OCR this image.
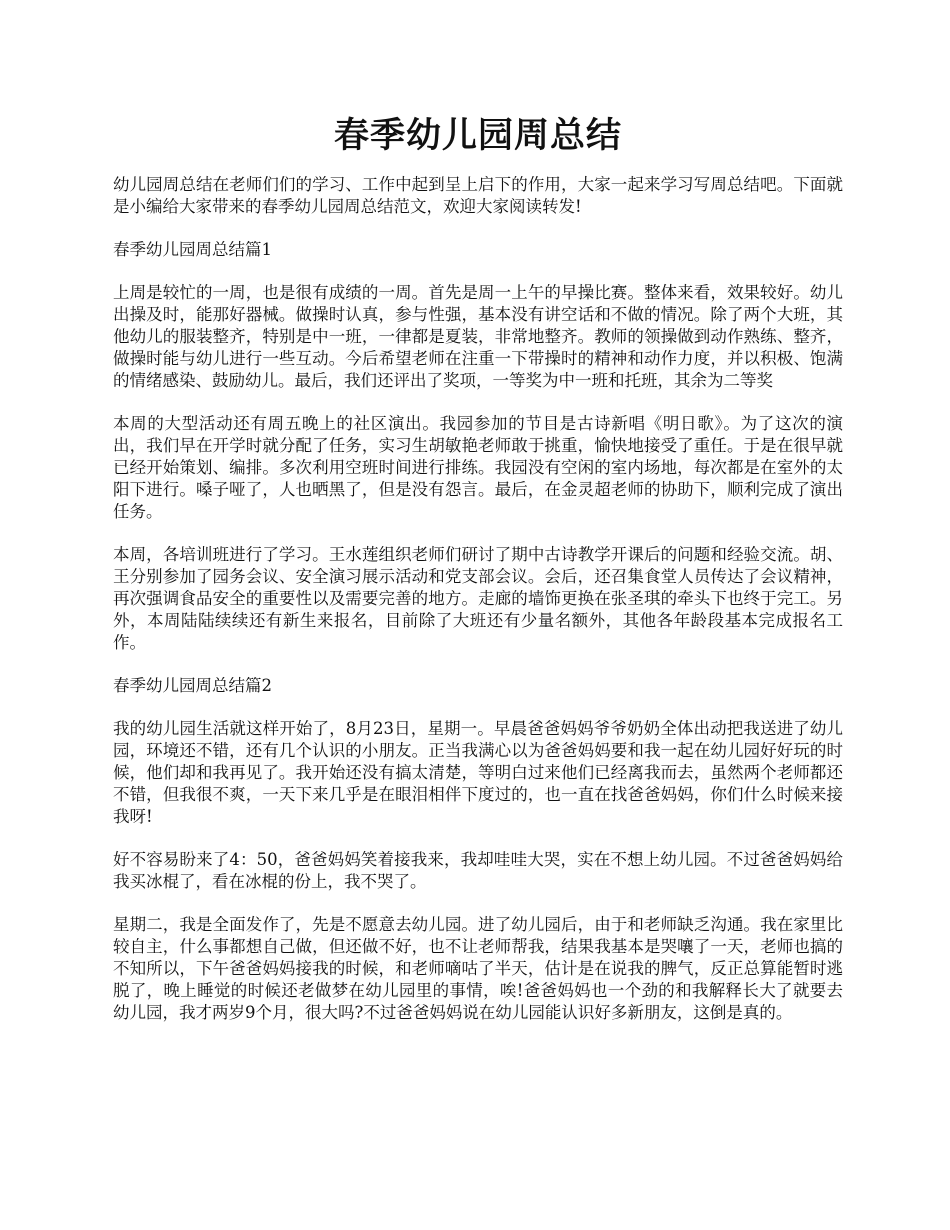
春季幼儿园周总结

幼儿园周总结在老师们们的学习、工作中起到呈上启下的作用，大家一起来学习写周总结吧。下面就是小编给大家带来的春季幼儿园周总结范文，欢迎大家阅读转发!

春季幼儿园周总结篇1

上周是较忙的一周，也是很有成绩的一周。首先是周一上午的早操比赛。整体来看，效果较好。幼儿出操及时，能那好器械。做操时认真，参与性强，基本没有讲空话和不做的情况。除了两个大班，其他幼儿的服装整齐，特别是中一班，一律都是夏装，非常地整齐。教师的领操做到动作熟练、整齐，做操时能与幼儿进行一些互动。今后希望老师在注重一下带操时的精神和动作力度，并以积极、饱满的情绪感染、鼓励幼儿。最后，我们还评出了奖项，一等奖为中一班和托班，其余为二等奖

本周的大型活动还有周五晚上的社区演出。我园参加的节目是古诗新唱《明日歌》。为了这次的演出，我们早在开学时就分配了任务，实习生胡敏艳老师敢于挑重，愉快地接受了重任。于是在很早就已经开始策划、编排。多次利用空班时间进行排练。我园没有空闲的室内场地，每次都是在室外的太阳下进行。嗓子哑了，人也晒黑了，但是没有怨言。最后，在金灵超老师的协助下，顺利完成了演出任务。

本周，各培训班进行了学习。王水莲组织老师们研讨了期中古诗教学开课后的问题和经验交流。胡、王分别参加了园务会议、安全演习展示活动和党支部会议。会后，还召集食堂人员传达了会议精神，再次强调食品安全的重要性以及需要完善的地方。走廊的墙饰更换在张圣琪的牵头下也终于完工。另外，本周陆陆续续还有新生来报名，目前除了大班还有少量名额外，其他各年龄段基本完成报名工作。

春季幼儿园周总结篇2

我的幼儿园生活就这样开始了，8月23日，星期一。早晨爸爸妈妈爷爷奶奶全体出动把我送进了幼儿园，环境还不错，还有几个认识的小朋友。正当我满心以为爸爸妈妈要和我一起在幼儿园好好玩的时候，他们却和我再见了。我开始还没有搞太清楚，等明白过来他们已经离我而去，虽然两个老师都还不错，但我很不爽，一天下来几乎是在眼泪相伴下度过的，也一直在找爸爸妈妈，你们什么时候来接我呀!

好不容易盼来了4：50，爸爸妈妈笑着接我来，我却哇哇大哭，实在不想上幼儿园。不过爸爸妈妈给我买冰棍了，看在冰棍的份上，我不哭了。

星期二，我是全面发作了，先是不愿意去幼儿园。进了幼儿园后，由于和老师缺乏沟通。我在家里比较自主，什么事都想自己做，但还做不好，也不让老师帮我，结果我基本是哭嚷了一天，老师也搞的不知所以，下午爸爸妈妈接我的时候，和老师嘀咕了半天，估计是在说我的脾气，反正总算能暂时逃脱了，晚上睡觉的时候还老做梦在幼儿园里的事情，唉!爸爸妈妈也一个劲的和我解释长大了就要去幼儿园，我才两岁9个月，很大吗?不过爸爸妈妈说在幼儿园能认识好多新朋友，这倒是真的。
